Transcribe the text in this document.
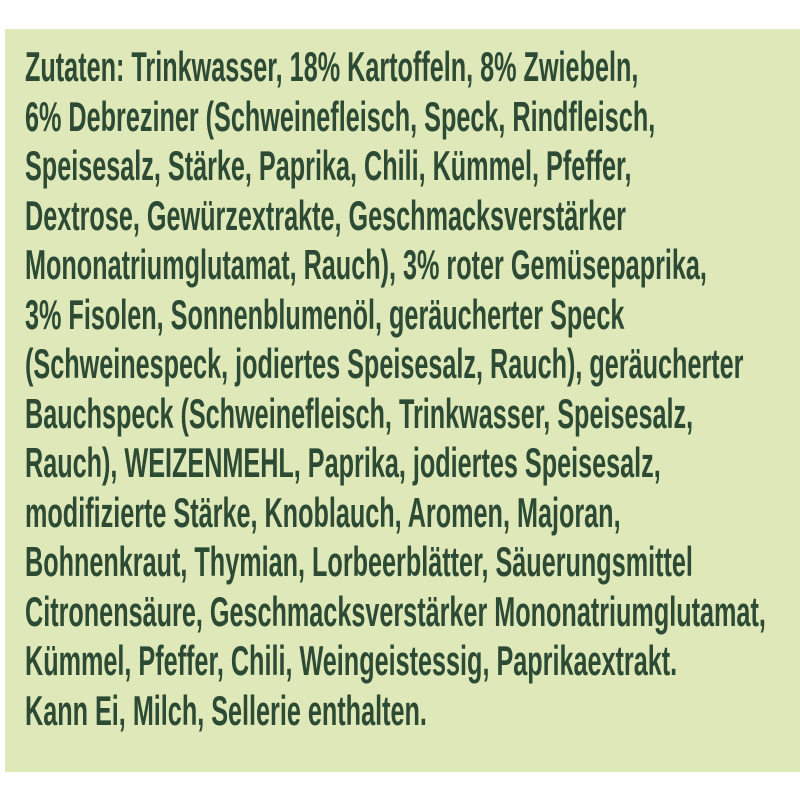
Zutaten: Trinkwasser, 18% Kartoffeln, 8% Zwiebeln,
6% Debreziner (Schweinefleisch, Speck, Rindfleisch,
Speisesalz, Stärke, Paprika, Chili, Kümmel, Pfeffer,
Dextrose, Gewürzextrakte, Geschmacksverstärker
Mononatriumglutamat, Rauch), 3% roter Gemüsepaprika,
3% Fisolen, Sonnenblumenöl, geräucherter Speck
(Schweinespeck, jodiertes Speisesalz, Rauch), geräucherter
Bauchspeck (Schweinefleisch, Trinkwasser, Speisesalz,
Rauch), WEIZENMEHL, Paprika, jodiertes Speisesalz,
modifizierte Stärke, Knoblauch, Aromen, Majoran,
Bohnenkraut, Thymian, Lorbeerblätter, Säuerungsmittel
Citronensäure, Geschmacksverstärker Mononatriumglutamat,
Kümmel, Pfeffer, Chili, Weingeistessig, Paprikaextrakt.
Kann Ei, Milch, Sellerie enthalten.
